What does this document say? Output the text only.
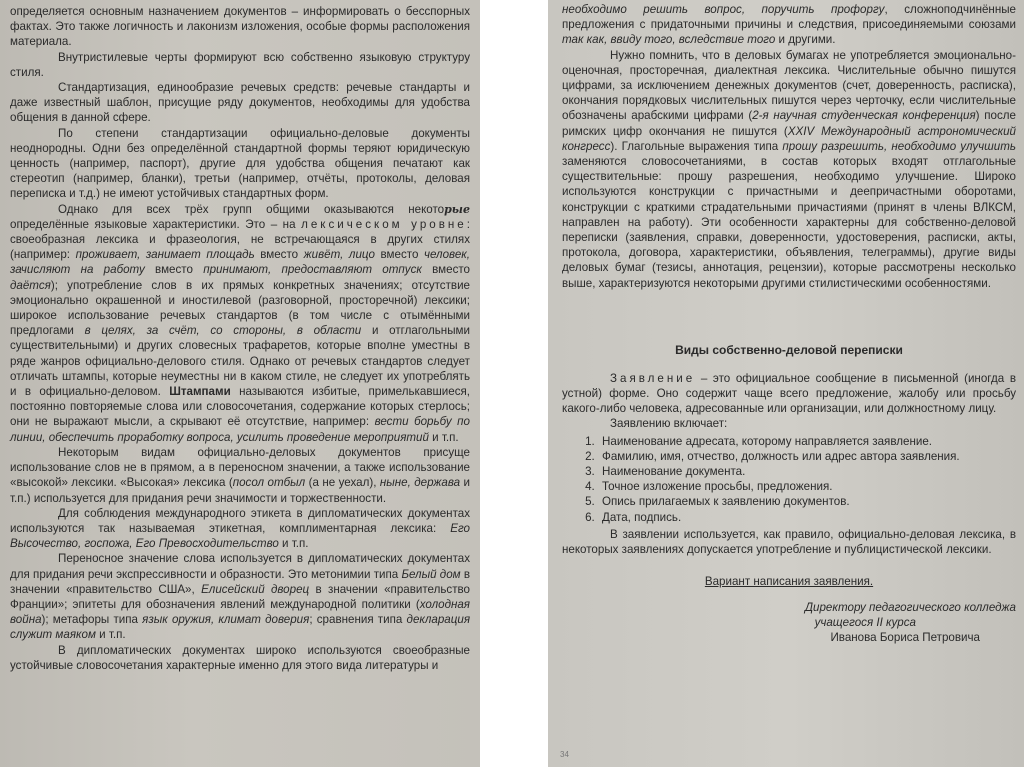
определяется основным назначением документов – информировать о бесспорных фактах. Это также логичность и лаконизм изложения, особые формы расположения материала.

Внутристилевые черты формируют всю собственно языковую структуру стиля.

Стандартизация, единообразие речевых средств: речевые стандарты и даже известный шаблон, присущие ряду документов, необходимы для удобства общения в данной сфере.

По степени стандартизации официально-деловые документы неоднородны. Одни без определённой стандартной формы теряют юридическую ценность (например, паспорт), другие для удобства общения печатают как стереотип (например, бланки), третьи (например, отчёты, протоколы, деловая переписка и т.д.) не имеют устойчивых стандартных форм.

Однако для всех трёх групп общими оказываются некоторые определённые языковые характеристики. Это – на лексическом уровне: своеобразная лексика и фразеология, не встречающаяся в других стилях (например: проживает, занимает площадь вместо живёт, лицо вместо человек, зачисляют на работу вместо принимают, предоставляют отпуск вместо даётся); употребление слов в их прямых конкретных значениях; отсутствие эмоционально окрашенной и иностилевой (разговорной, просторечной) лексики; широкое использование речевых стандартов (в том числе с отымёнными предлогами в целях, за счёт, со стороны, в области и отглагольными существительными) и других словесных трафаретов, которые вполне уместны в ряде жанров официально-делового стиля. Однако от речевых стандартов следует отличать штампы, которые неуместны ни в каком стиле, не следует их употреблять и в официально-деловом. Штампами называются избитые, примелькавшиеся, постоянно повторяемые слова или словосочетания, содержание которых стерлось; они не выражают мысли, а скрывают её отсутствие, например: вести борьбу по линии, обеспечить проработку вопроса, усилить проведение мероприятий и т.п.

Некоторым видам официально-деловых документов присуще использование слов не в прямом, а в переносном значении, а также использование «высокой» лексики. «Высокая» лексика (посол отбыл (а не уехал), ныне, держава и т.п.) используется для придания речи значимости и торжественности.

Для соблюдения международного этикета в дипломатических документах используются так называемая этикетная, комплиментарная лексика: Его Высочество, госпожа, Его Превосходительство и т.п.

Переносное значение слова используется в дипломатических документах для придания речи экспрессивности и образности. Это метонимии типа Белый дом в значении «правительство США», Елисейский дворец в значении «правительство Франции»; эпитеты для обозначения явлений международной политики (холодная война); метафоры типа язык оружия, климат доверия; сравнения типа декларация служит маяком и т.п.

В дипломатических документах широко используются своеобразные устойчивые словосочетания характерные именно для этого вида литературы и

необходимо решить вопрос, поручить профоргу, сложноподчинённые предложения с придаточными причины и следствия, присоединяемыми союзами так как, ввиду того, вследствие того и другими.

Нужно помнить, что в деловых бумагах не употребляется эмоционально-оценочная, просторечная, диалектная лексика. Числительные обычно пишутся цифрами, за исключением денежных документов (счет, доверенность, расписка), окончания порядковых числительных пишутся через черточку, если числительные обозначены арабскими цифрами (2-я научная студенческая конференция) после римских цифр окончания не пишутся (XXIV Международный астрономический конгресс). Глагольные выражения типа прошу разрешить, необходимо улучшить заменяются словосочетаниями, в состав которых входят отглагольные существительные: прошу разрешения, необходимо улучшение. Широко используются конструкции с причастными и деепричастными оборотами, конструкции с краткими страдательными причастиями (принят в члены ВЛКСМ, направлен на работу). Эти особенности характерны для собственно-деловой переписки (заявления, справки, доверенности, удостоверения, расписки, акты, протокола, договора, характеристики, объявления, телеграммы), другие виды деловых бумаг (тезисы, аннотация, рецензии), которые рассмотрены несколько выше, характеризуются некоторыми другими стилистическими особенностями.

Виды собственно-деловой переписки

Заявление – это официальное сообщение в письменной (иногда в устной) форме. Оно содержит чаще всего предложение, жалобу или просьбу какого-либо человека, адресованные или организации, или должностному лицу.

Заявлению включает:

1. Наименование адресата, которому направляется заявление.
2. Фамилию, имя, отчество, должность или адрес автора заявления.
3. Наименование документа.
4. Точное изложение просьбы, предложения.
5. Опись прилагаемых к заявлению документов.
6. Дата, подпись.

В заявлении используется, как правило, официально-деловая лексика, в некоторых заявлениях допускается употребление и публицистической лексики.

Вариант написания заявления.
Директору педагогического колледжа
учащегося II курса
Иванова Бориса Петровича
34
